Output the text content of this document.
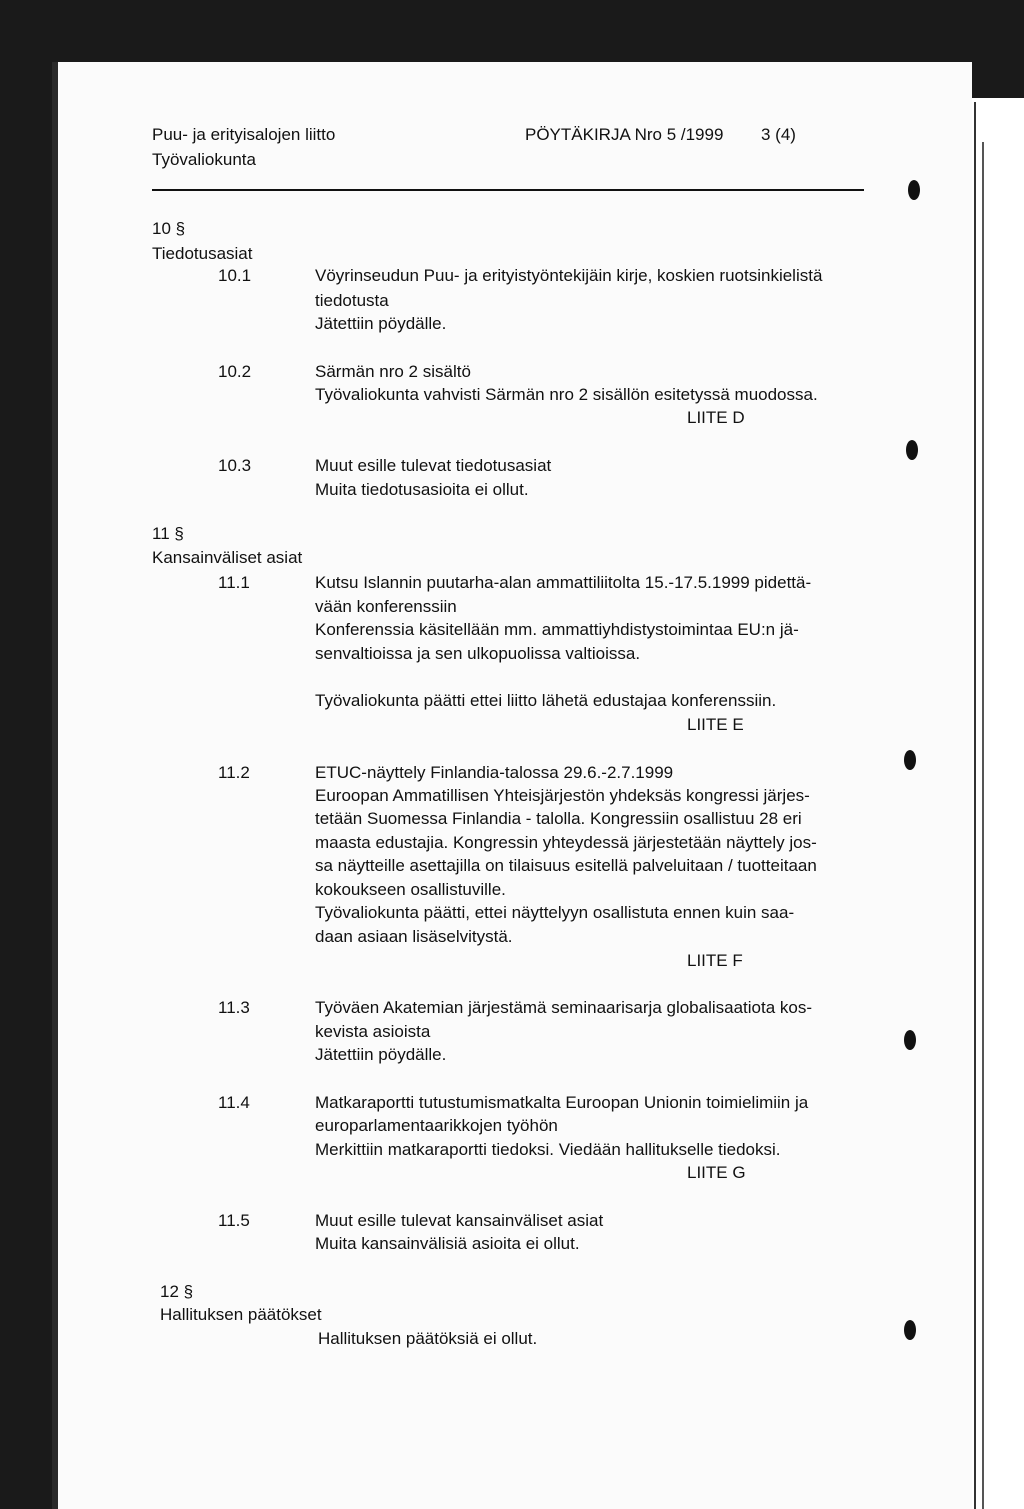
Puu- ja erityisalojen liitto
Työvaliokunta
PÖYTÄKIRJA Nro 5 /1999 3 (4)
10 §
Tiedotusasiat
10.1	Vöyrinseudun Puu- ja erityistyöntekijäin kirje, koskien ruotsinkielistä
tiedotusta
Jätettiin pöydälle.
10.2	Särmän nro 2 sisältö
Työvaliokunta vahvisti Särmän nro 2 sisällön esitetyssä muodossa.
LIITE D
10.3	Muut esille tulevat tiedotusasiat
Muita tiedotusasioita ei ollut.
11 §
Kansainväliset asiat
11.1	Kutsu Islannin puutarha-alan ammattiliitolta 15.-17.5.1999 pidettä-
vään konferenssiin
Konferenssia käsitellään mm. ammattiyhdistystoimintaa EU:n jä-
senvaltioissa ja sen ulkopuolissa valtioissa.
Työvaliokunta päätti ettei liitto lähetä edustajaa konferenssiin.
LIITE E
11.2	ETUC-näyttely Finlandia-talossa 29.6.-2.7.1999
Euroopan Ammatillisen Yhteisjärjestön yhdeksäs kongressi järjes-
tetään Suomessa Finlandia - talolla. Kongressiin osallistuu 28 eri
maasta edustajia. Kongressin yhteydessä järjestetään näyttely jos-
sa näytteille asettajilla on tilaisuus esitellä palveluitaan / tuotteitaan
kokoukseen osallistuville.
Työvaliokunta päätti, ettei näyttelyyn osallistuta ennen kuin saa-
daan asiaan lisäselvitystä.
LIITE F
11.3	Työväen Akatemian järjestämä seminaarisarja globalisaatiota kos-
kevista asioista
Jätettiin pöydälle.
11.4	Matkaraportti tutustumismatkalta Euroopan Unionin toimielimiin ja
europarlamentaarikkojen työhön
Merkittiin matkaraportti tiedoksi. Viedään hallitukselle tiedoksi.
LIITE G
11.5	Muut esille tulevat kansainväliset asiat
Muita kansainvälisiä asioita ei ollut.
12 §
Hallituksen päätökset
Hallituksen päätöksiä ei ollut.
